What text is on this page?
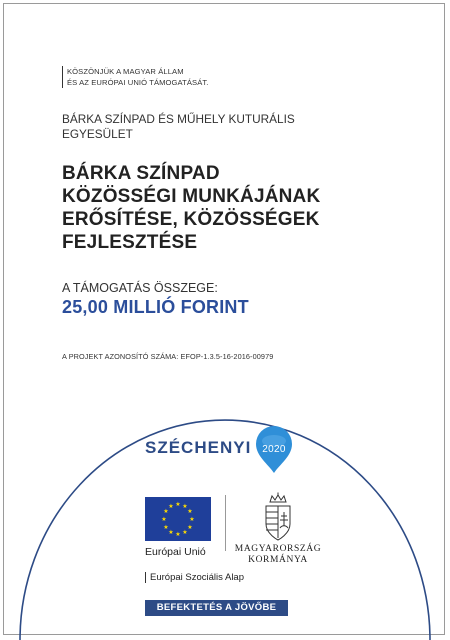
KÖSZÖNJÜK A MAGYAR ÁLLAM
ÉS AZ EURÓPAI UNIÓ TÁMOGATÁSÁT.
BÁRKA SZÍNPAD ÉS MŰHELY KUTURÁLIS
EGYESÜLET
BÁRKA SZÍNPAD
KÖZÖSSÉGI MUNKÁJÁNAK
ERŐSÍTÉSE, KÖZÖSSÉGEK
FEJLESZTÉSE
A TÁMOGATÁS ÖSSZEGE:
25,00 MILLIÓ FORINT
A PROJEKT AZONOSÍTÓ SZÁMA: EFOP-1.3.5-16-2016-00979
SZÉCHENYI	2020
★ ★
★
★
★
★
★
★
★
★
★
★
Európai Unió	MAGYARORSZÁG
KORMÁNYA
Európai Szociális Alap
BEFEKTETÉS A JÖVŐBE
